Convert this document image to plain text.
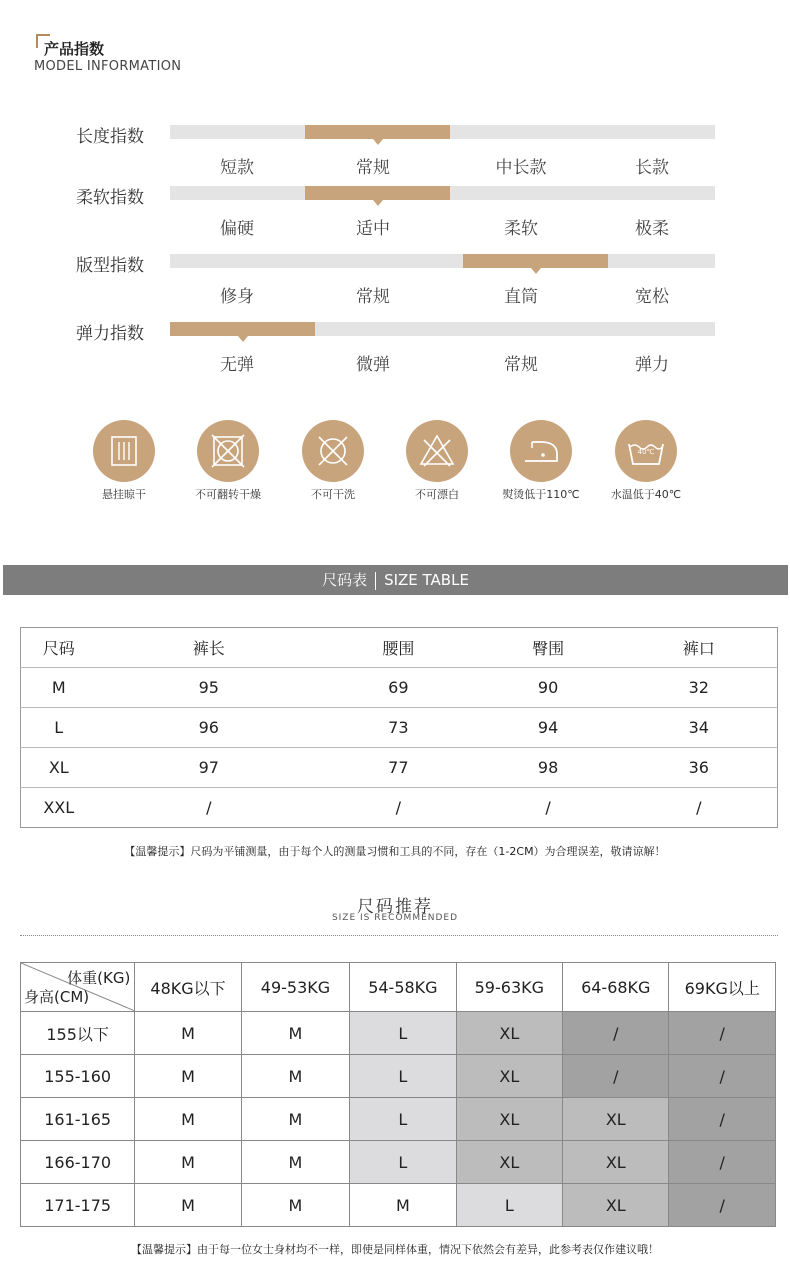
产品指数
MODEL INFORMATION
长度指数
短款	常规	中长款	长款
柔软指数
偏硬	适中	柔软	极柔
版型指数
修身	常规	直筒	宽松
弹力指数
无弹	微弹	常规	弹力
悬挂晾干	不可翻转干燥	不可干洗	不可漂白	熨烫低于110℃
40℃
水温低于40℃
尺码表 SIZE TABLE
尺码	裤长	腰围	臀围	裤口
M	95	69	90	32
L	96	73	94	34
XL	97	77	98	36
XXL	/	/	/	/
【温馨提示】尺码为平铺测量，由于每个人的测量习惯和工具的不同，存在（1-2CM）为合理误差，敬请谅解！
尺码推荐
SIZE IS RECOMMENDED
体重(KG)
身高(CM)	48KG以下	49-53KG	54-58KG	59-63KG	64-68KG	69KG以上
155以下	M	M	L	XL	/	/
155-160	M	M	L	XL	/	/
161-165	M	M	L	XL	XL	/
166-170	M	M	L	XL	XL	/
171-175	M	M	M	L	XL	/
【温馨提示】由于每一位女士身材均不一样，即使是同样体重，情况下依然会有差异，此参考表仅作建议哦！
